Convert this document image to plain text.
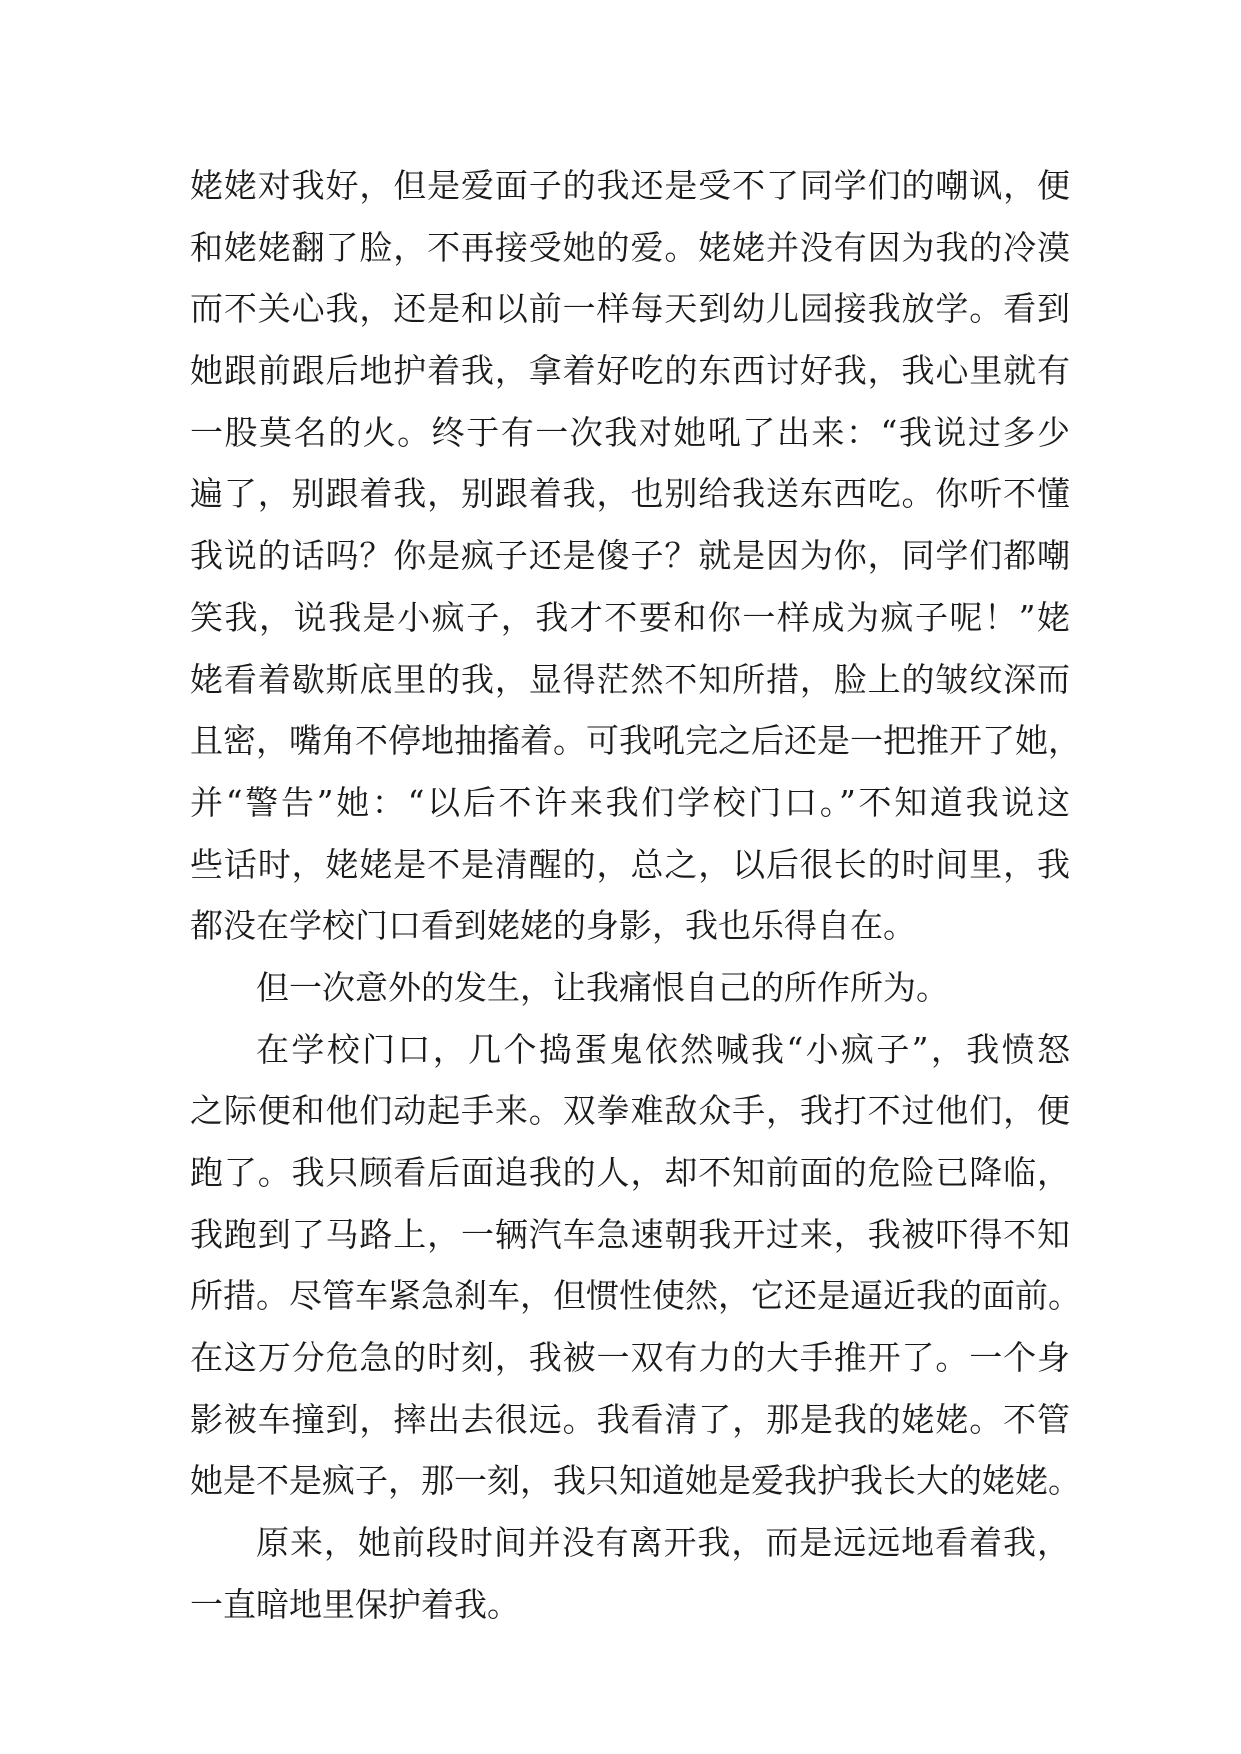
姥姥对我好，但是爱面子的我还是受不了同学们的嘲讽，便
和姥姥翻了脸，不再接受她的爱。姥姥并没有因为我的冷漠
而不关心我，还是和以前一样每天到幼儿园接我放学。看到
她跟前跟后地护着我，拿着好吃的东西讨好我，我心里就有
一股莫名的火。终于有一次我对她吼了出来：“我说过多少
遍了，别跟着我，别跟着我，也别给我送东西吃。你听不懂
我说的话吗？你是疯子还是傻子？就是因为你，同学们都嘲
笑我，说我是小疯子，我才不要和你一样成为疯子呢！”姥
姥看着歇斯底里的我，显得茫然不知所措，脸上的皱纹深而
且密，嘴角不停地抽搐着。可我吼完之后还是一把推开了她，
并“警告”她：“以后不许来我们学校门口。”不知道我说这
些话时，姥姥是不是清醒的，总之，以后很长的时间里，我
都没在学校门口看到姥姥的身影，我也乐得自在。
但一次意外的发生，让我痛恨自己的所作所为。
在学校门口，几个捣蛋鬼依然喊我“小疯子”，我愤怒
之际便和他们动起手来。双拳难敌众手，我打不过他们，便
跑了。我只顾看后面追我的人，却不知前面的危险已降临，
我跑到了马路上，一辆汽车急速朝我开过来，我被吓得不知
所措。尽管车紧急刹车，但惯性使然，它还是逼近我的面前。
在这万分危急的时刻，我被一双有力的大手推开了。一个身
影被车撞到，摔出去很远。我看清了，那是我的姥姥。不管
她是不是疯子，那一刻，我只知道她是爱我护我长大的姥姥。
原来，她前段时间并没有离开我，而是远远地看着我，
一直暗地里保护着我。
